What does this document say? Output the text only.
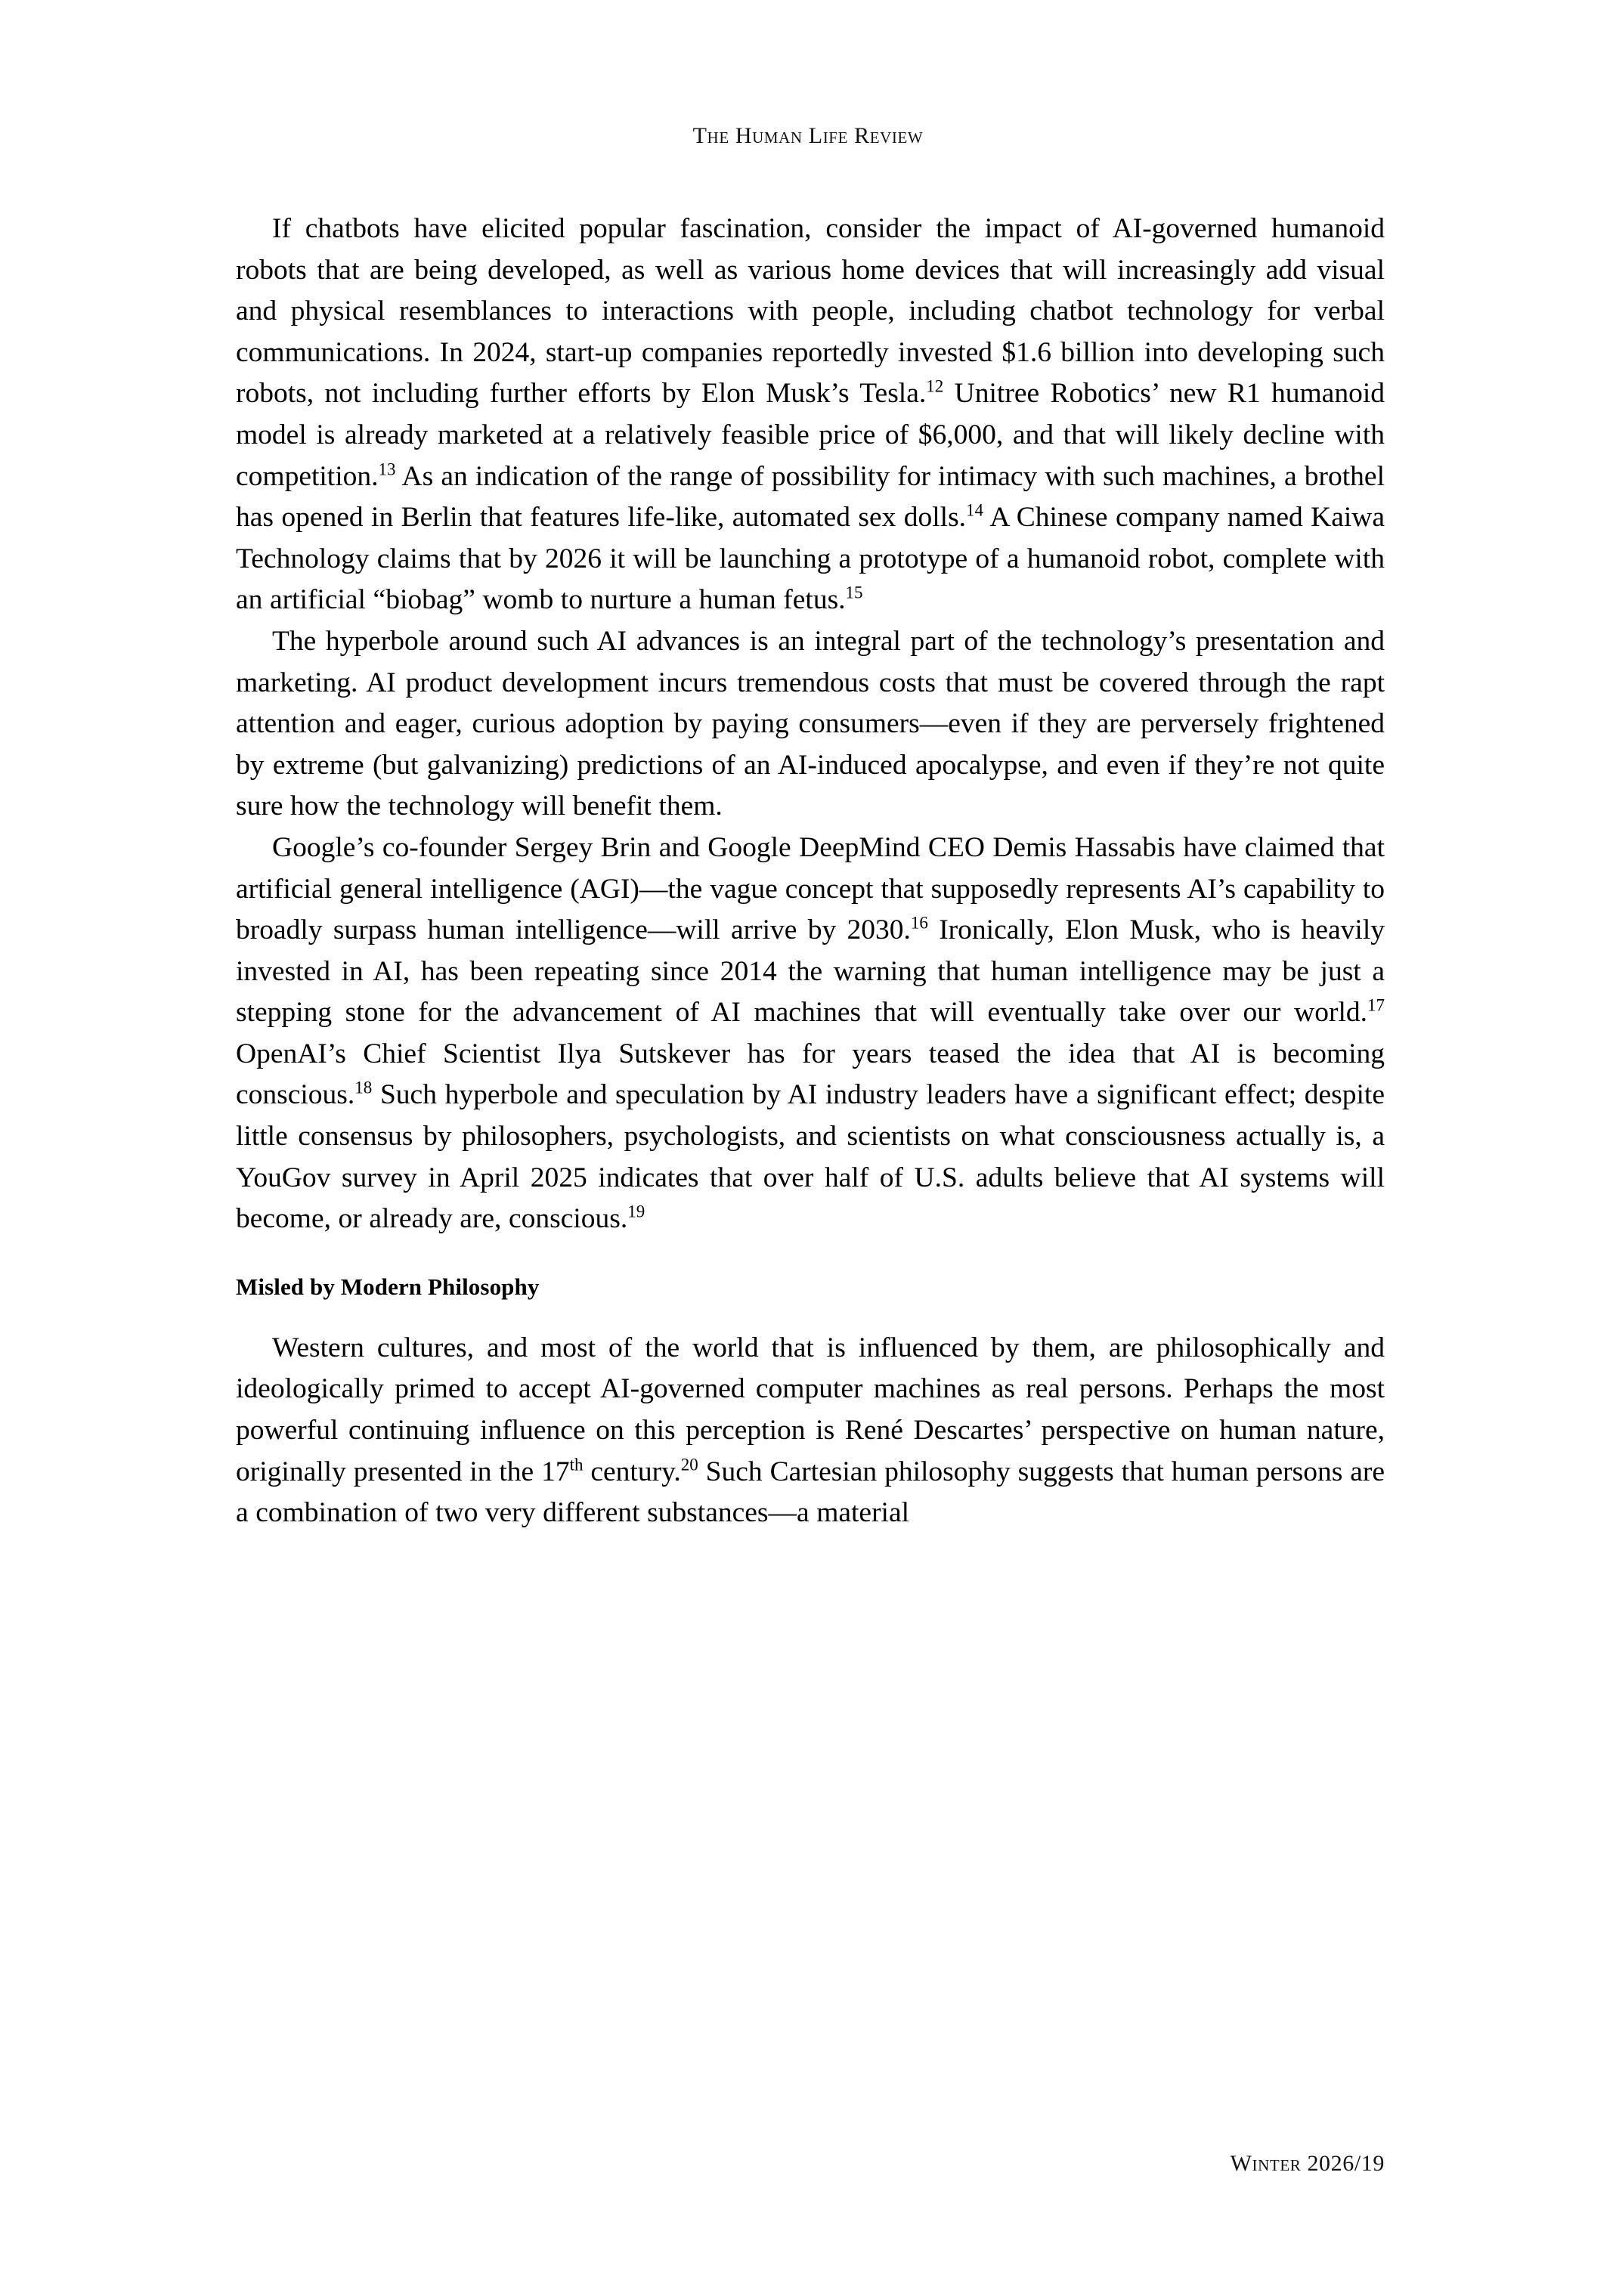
The Human Life Review

If chatbots have elicited popular fascination, consider the impact of AI-governed humanoid robots that are being developed, as well as various home devices that will increasingly add visual and physical resemblances to interactions with people, including chatbot technology for verbal communications. In 2024, start-up companies reportedly invested $1.6 billion into developing such robots, not including further efforts by Elon Musk’s Tesla.$^{12}$ Unitree Robotics’ new R1 humanoid model is already marketed at a relatively feasible price of $6,000, and that will likely decline with competition.$^{13}$ As an indication of the range of possibility for intimacy with such machines, a brothel has opened in Berlin that features life-like, automated sex dolls.$^{14}$ A Chinese company named Kaiwa Technology claims that by 2026 it will be launching a prototype of a humanoid robot, complete with an artificial “biobag” womb to nurture a human fetus.$^{15}$

The hyperbole around such AI advances is an integral part of the technology’s presentation and marketing. AI product development incurs tremendous costs that must be covered through the rapt attention and eager, curious adoption by paying consumers—even if they are perversely frightened by extreme (but galvanizing) predictions of an AI-induced apocalypse, and even if they’re not quite sure how the technology will benefit them.

Google’s co-founder Sergey Brin and Google DeepMind CEO Demis Hassabis have claimed that artificial general intelligence (AGI)—the vague concept that supposedly represents AI’s capability to broadly surpass human intelligence—will arrive by 2030.16 Ironically, Elon Musk, who is heavily invested in AI, has been repeating since 2014 the warning that human intelligence may be just a stepping stone for the advancement of AI machines that will eventually take over our world.$^{17}$ OpenAI’s Chief Scientist Ilya Sutskever has for years teased the idea that AI is becoming conscious.$^{18}$ Such hyperbole and speculation by AI industry leaders have a significant effect; despite little consensus by philosophers, psychologists, and scientists on what consciousness actually is, a YouGov survey in April 2025 indicates that over half of U.S. adults believe that AI systems will become, or already are, conscious.$^{19}$

Misled by Modern Philosophy

Western cultures, and most of the world that is influenced by them, are philosophically and ideologically primed to accept AI-governed computer machines as real persons. Perhaps the most powerful continuing influence on this perception is René Descartes’ perspective on human nature, originally presented in the 17th century.$^{20}$ Such Cartesian philosophy suggests that human persons are a combination of two very different substances—a material

Winter 2026/19
